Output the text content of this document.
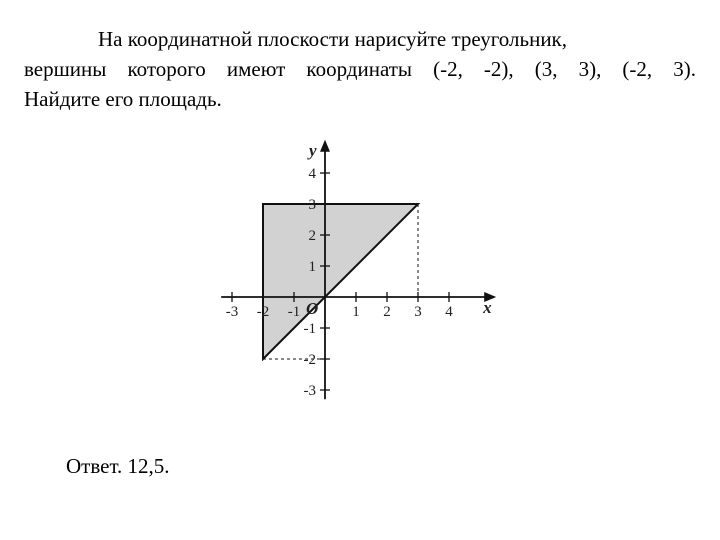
На координатной плоскости нарисуйте треугольник,
вершины которого имеют координаты (-2, -2), (3, 3), (-2, 3).
Найдите его площадь.
-3 -2 -1	1 2 3 4
4
3
2
1
-1
-2
-3
x
y
O
Ответ. 12,5.
